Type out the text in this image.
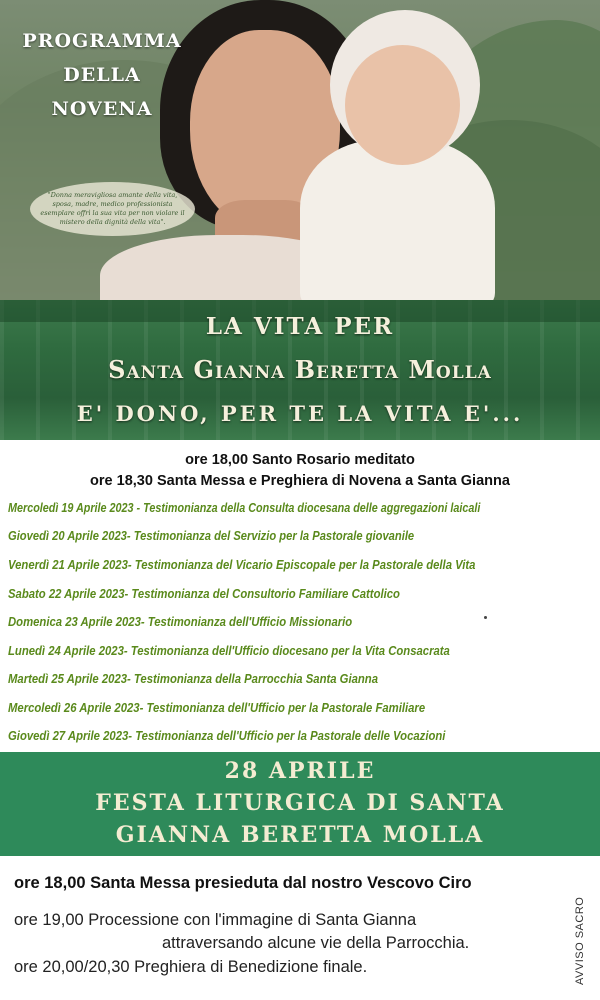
PROGRAMMA
DELLA
NOVENA
"Donna meravigliosa amante della vita, sposa, madre, medico professionista esemplare offrì la sua vita per non violare il mistero della dignità della vita".
LA VITA PER
Santa Gianna Beretta Molla
E' DONO, PER TE LA VITA E'...
ore 18,00 Santo Rosario meditato
ore 18,30 Santa Messa e Preghiera di Novena a Santa Gianna
Mercoledì 19 Aprile 2023 - Testimonianza della Consulta diocesana delle aggregazioni laicali
Giovedì 20 Aprile 2023- Testimonianza del Servizio per la Pastorale giovanile
Venerdì 21 Aprile 2023- Testimonianza del Vicario Episcopale per la Pastorale della Vita
Sabato 22 Aprile 2023- Testimonianza del Consultorio Familiare Cattolico
Domenica 23 Aprile 2023- Testimonianza dell'Ufficio Missionario
Lunedì 24 Aprile 2023- Testimonianza dell'Ufficio diocesano per la Vita Consacrata
Martedì 25 Aprile 2023- Testimonianza della Parrocchia Santa Gianna
Mercoledì 26 Aprile 2023- Testimonianza dell'Ufficio per la Pastorale Familiare
Giovedì 27 Aprile 2023- Testimonianza dell'Ufficio per la Pastorale delle Vocazioni
28 APRILE
FESTA LITURGICA DI SANTA
GIANNA BERETTA MOLLA
ore 18,00 Santa Messa presieduta dal nostro Vescovo Ciro
ore 19,00 Processione con l'immagine di Santa Gianna
attraversando alcune vie della Parrocchia.
ore 20,00/20,30 Preghiera di Benedizione finale.	AVVISO SACRO
